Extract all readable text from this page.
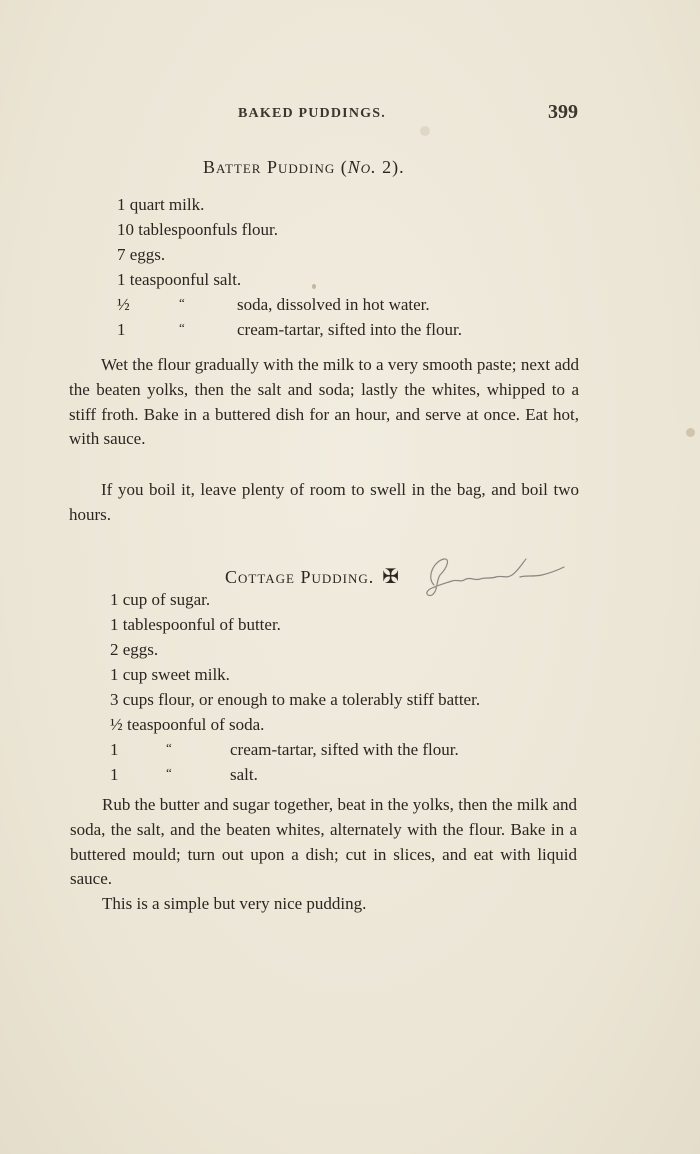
BAKED PUDDINGS.	399
Batter Pudding (No. 2).
1 quart milk.
10 tablespoonfuls flour.
7 eggs.
1 teaspoonful salt.
½	“	soda, dissolved in hot water.
1	“	cream-tartar, sifted into the flour.

Wet the flour gradually with the milk to a very smooth paste; next add the beaten yolks, then the salt and soda; lastly the whites, whipped to a stiff froth. Bake in a buttered dish for an hour, and serve at once. Eat hot, with sauce.

If you boil it, leave plenty of room to swell in the bag, and boil two hours.

Cottage Pudding. ✠
1 cup of sugar.
1 tablespoonful of butter.
2 eggs.
1 cup sweet milk.
3 cups flour, or enough to make a tolerably stiff batter.
½ teaspoonful of soda.
1	“	cream-tartar, sifted with the flour.
1	“	salt.

Rub the butter and sugar together, beat in the yolks, then the milk and soda, the salt, and the beaten whites, alternately with the flour. Bake in a buttered mould; turn out upon a dish; cut in slices, and eat with liquid sauce.

This is a simple but very nice pudding.
